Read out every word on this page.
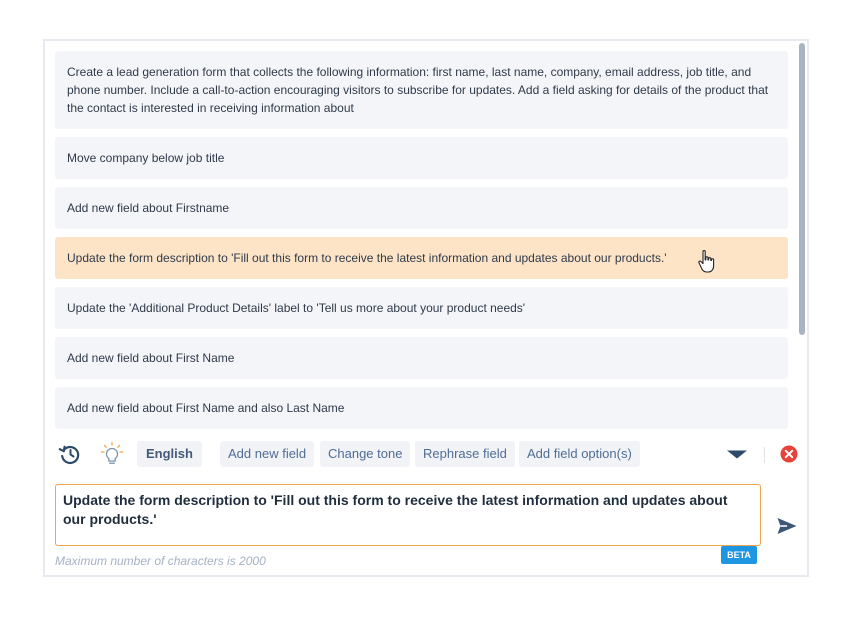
Create a lead generation form that collects the following information: first name, last name, company, email address, job title, and phone number. Include a call-to-action encouraging visitors to subscribe for updates. Add a field asking for details of the product that the contact is interested in receiving information about
Move company below job title
Add new field about Firstname
Update the form description to 'Fill out this form to receive the latest information and updates about our products.'
Update the 'Additional Product Details' label to 'Tell us more about your product needs'
Add new field about First Name
Add new field about First Name and also Last Name
English	Add new field	Change tone	Rephrase field	Add field option(s)
Update the form description to 'Fill out this form to receive the latest information and updates about our products.'
Maximum number of characters is 2000	BETA
